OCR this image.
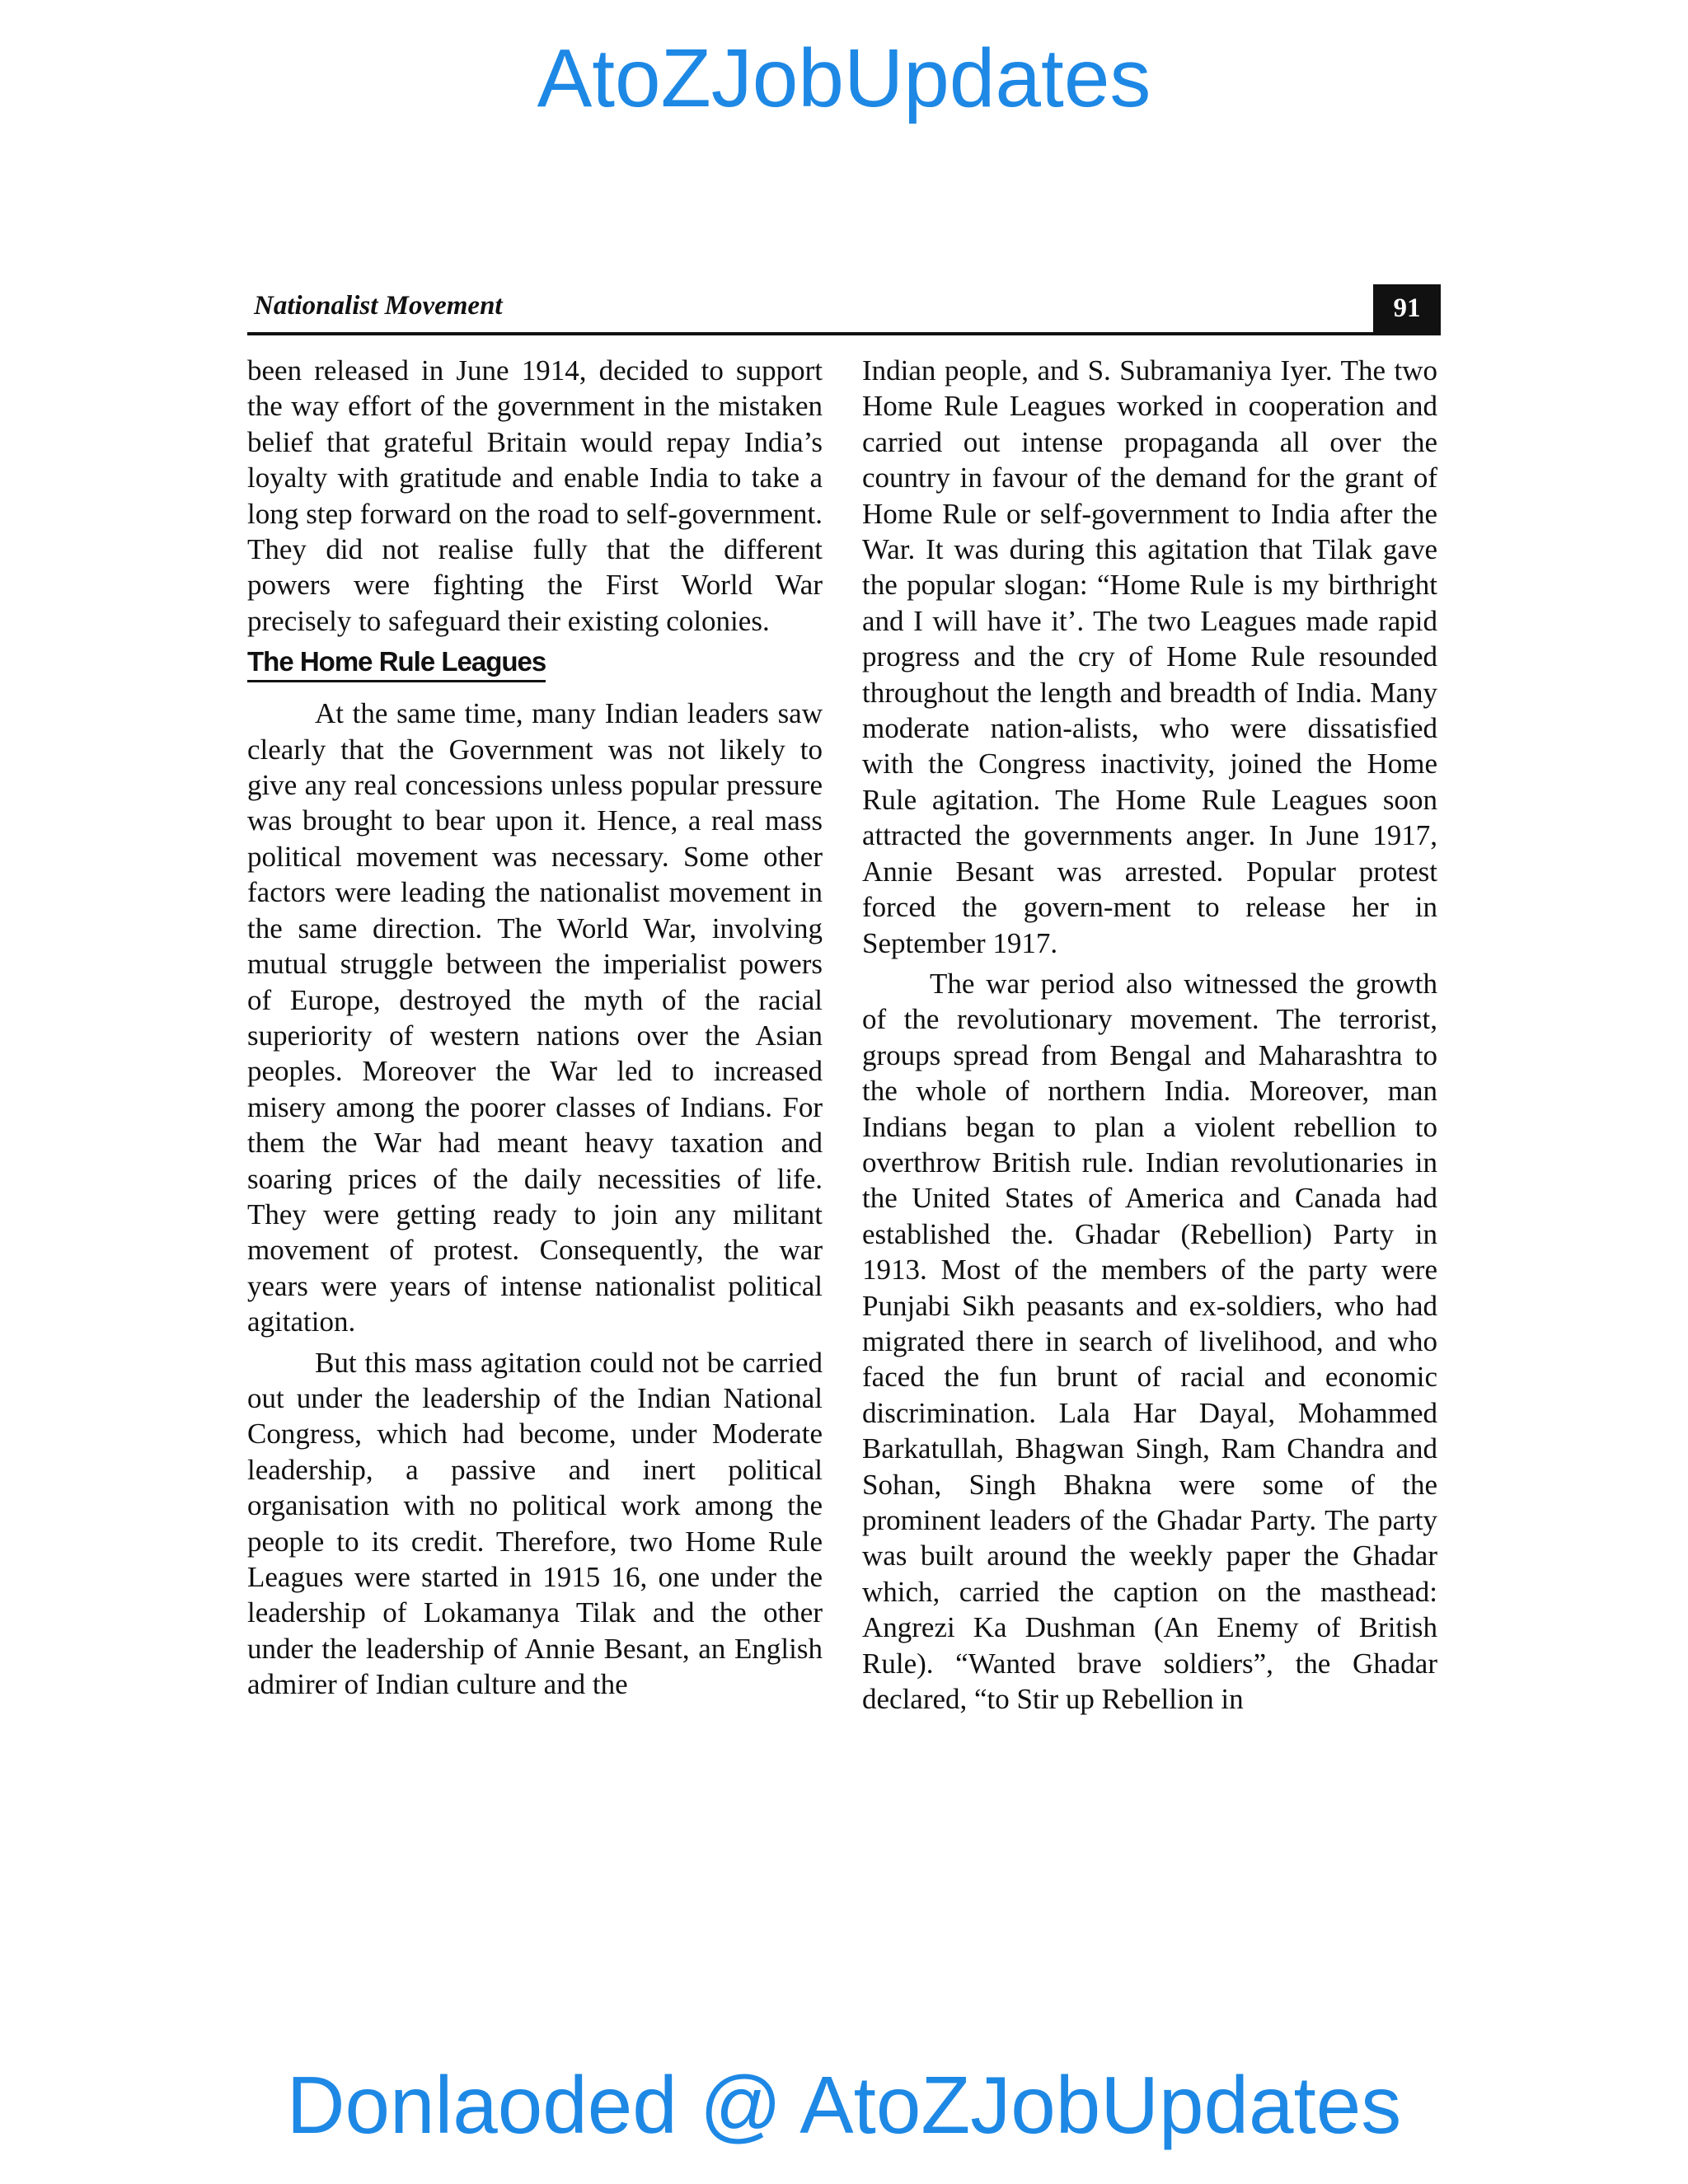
AtoZJobUpdates
Nationalist Movement	91

been released in June 1914, decided to support the way effort of the government in the mistaken belief that grateful Britain would repay India’s loyalty with gratitude and enable India to take a long step forward on the road to self-government. They did not realise fully that the different powers were fighting the First World War precisely to safeguard their existing colonies.

The Home Rule Leagues

At the same time, many Indian leaders saw clearly that the Government was not likely to give any real concessions unless popular pressure was brought to bear upon it. Hence, a real mass political movement was necessary. Some other factors were leading the nationalist movement in the same direction. The World War, involving mutual struggle between the imperialist powers of Europe, destroyed the myth of the racial superiority of western nations over the Asian peoples. Moreover the War led to increased misery among the poorer classes of Indians. For them the War had meant heavy taxation and soaring prices of the daily necessities of life. They were getting ready to join any militant movement of protest. Consequently, the war years were years of intense nationalist political agitation.

But this mass agitation could not be carried out under the leadership of the Indian National Congress, which had become, under Moderate leadership, a passive and inert political organisation with no political work among the people to its credit. Therefore, two Home Rule Leagues were started in 1915 16, one under the leadership of Lokamanya Tilak and the other under the leadership of Annie Besant, an English admirer of Indian culture and the

Indian people, and S. Subramaniya Iyer. The two Home Rule Leagues worked in cooperation and carried out intense propaganda all over the country in favour of the demand for the grant of Home Rule or self-government to India after the War. It was during this agitation that Tilak gave the popular slogan: “Home Rule is my birthright and I will have it’. The two Leagues made rapid progress and the cry of Home Rule resounded throughout the length and breadth of India. Many moderate nation-alists, who were dissatisfied with the Congress inactivity, joined the Home Rule agitation. The Home Rule Leagues soon attracted the governments anger. In June 1917, Annie Besant was arrested. Popular protest forced the govern-ment to release her in September 1917.

The war period also witnessed the growth of the revolutionary movement. The terrorist, groups spread from Bengal and Maharashtra to the whole of northern India. Moreover, man Indians began to plan a violent rebellion to overthrow British rule. Indian revolutionaries in the United States of America and Canada had established the. Ghadar (Rebellion) Party in 1913. Most of the members of the party were Punjabi Sikh peasants and ex-soldiers, who had migrated there in search of livelihood, and who faced the fun brunt of racial and economic discrimination. Lala Har Dayal, Mohammed Barkatullah, Bhagwan Singh, Ram Chandra and Sohan, Singh Bhakna were some of the prominent leaders of the Ghadar Party. The party was built around the weekly paper the Ghadar which, carried the caption on the masthead: Angrezi Ka Dushman (An Enemy of British Rule). “Wanted brave soldiers”, the Ghadar declared, “to Stir up Rebellion in

Donlaoded @ AtoZJobUpdates
